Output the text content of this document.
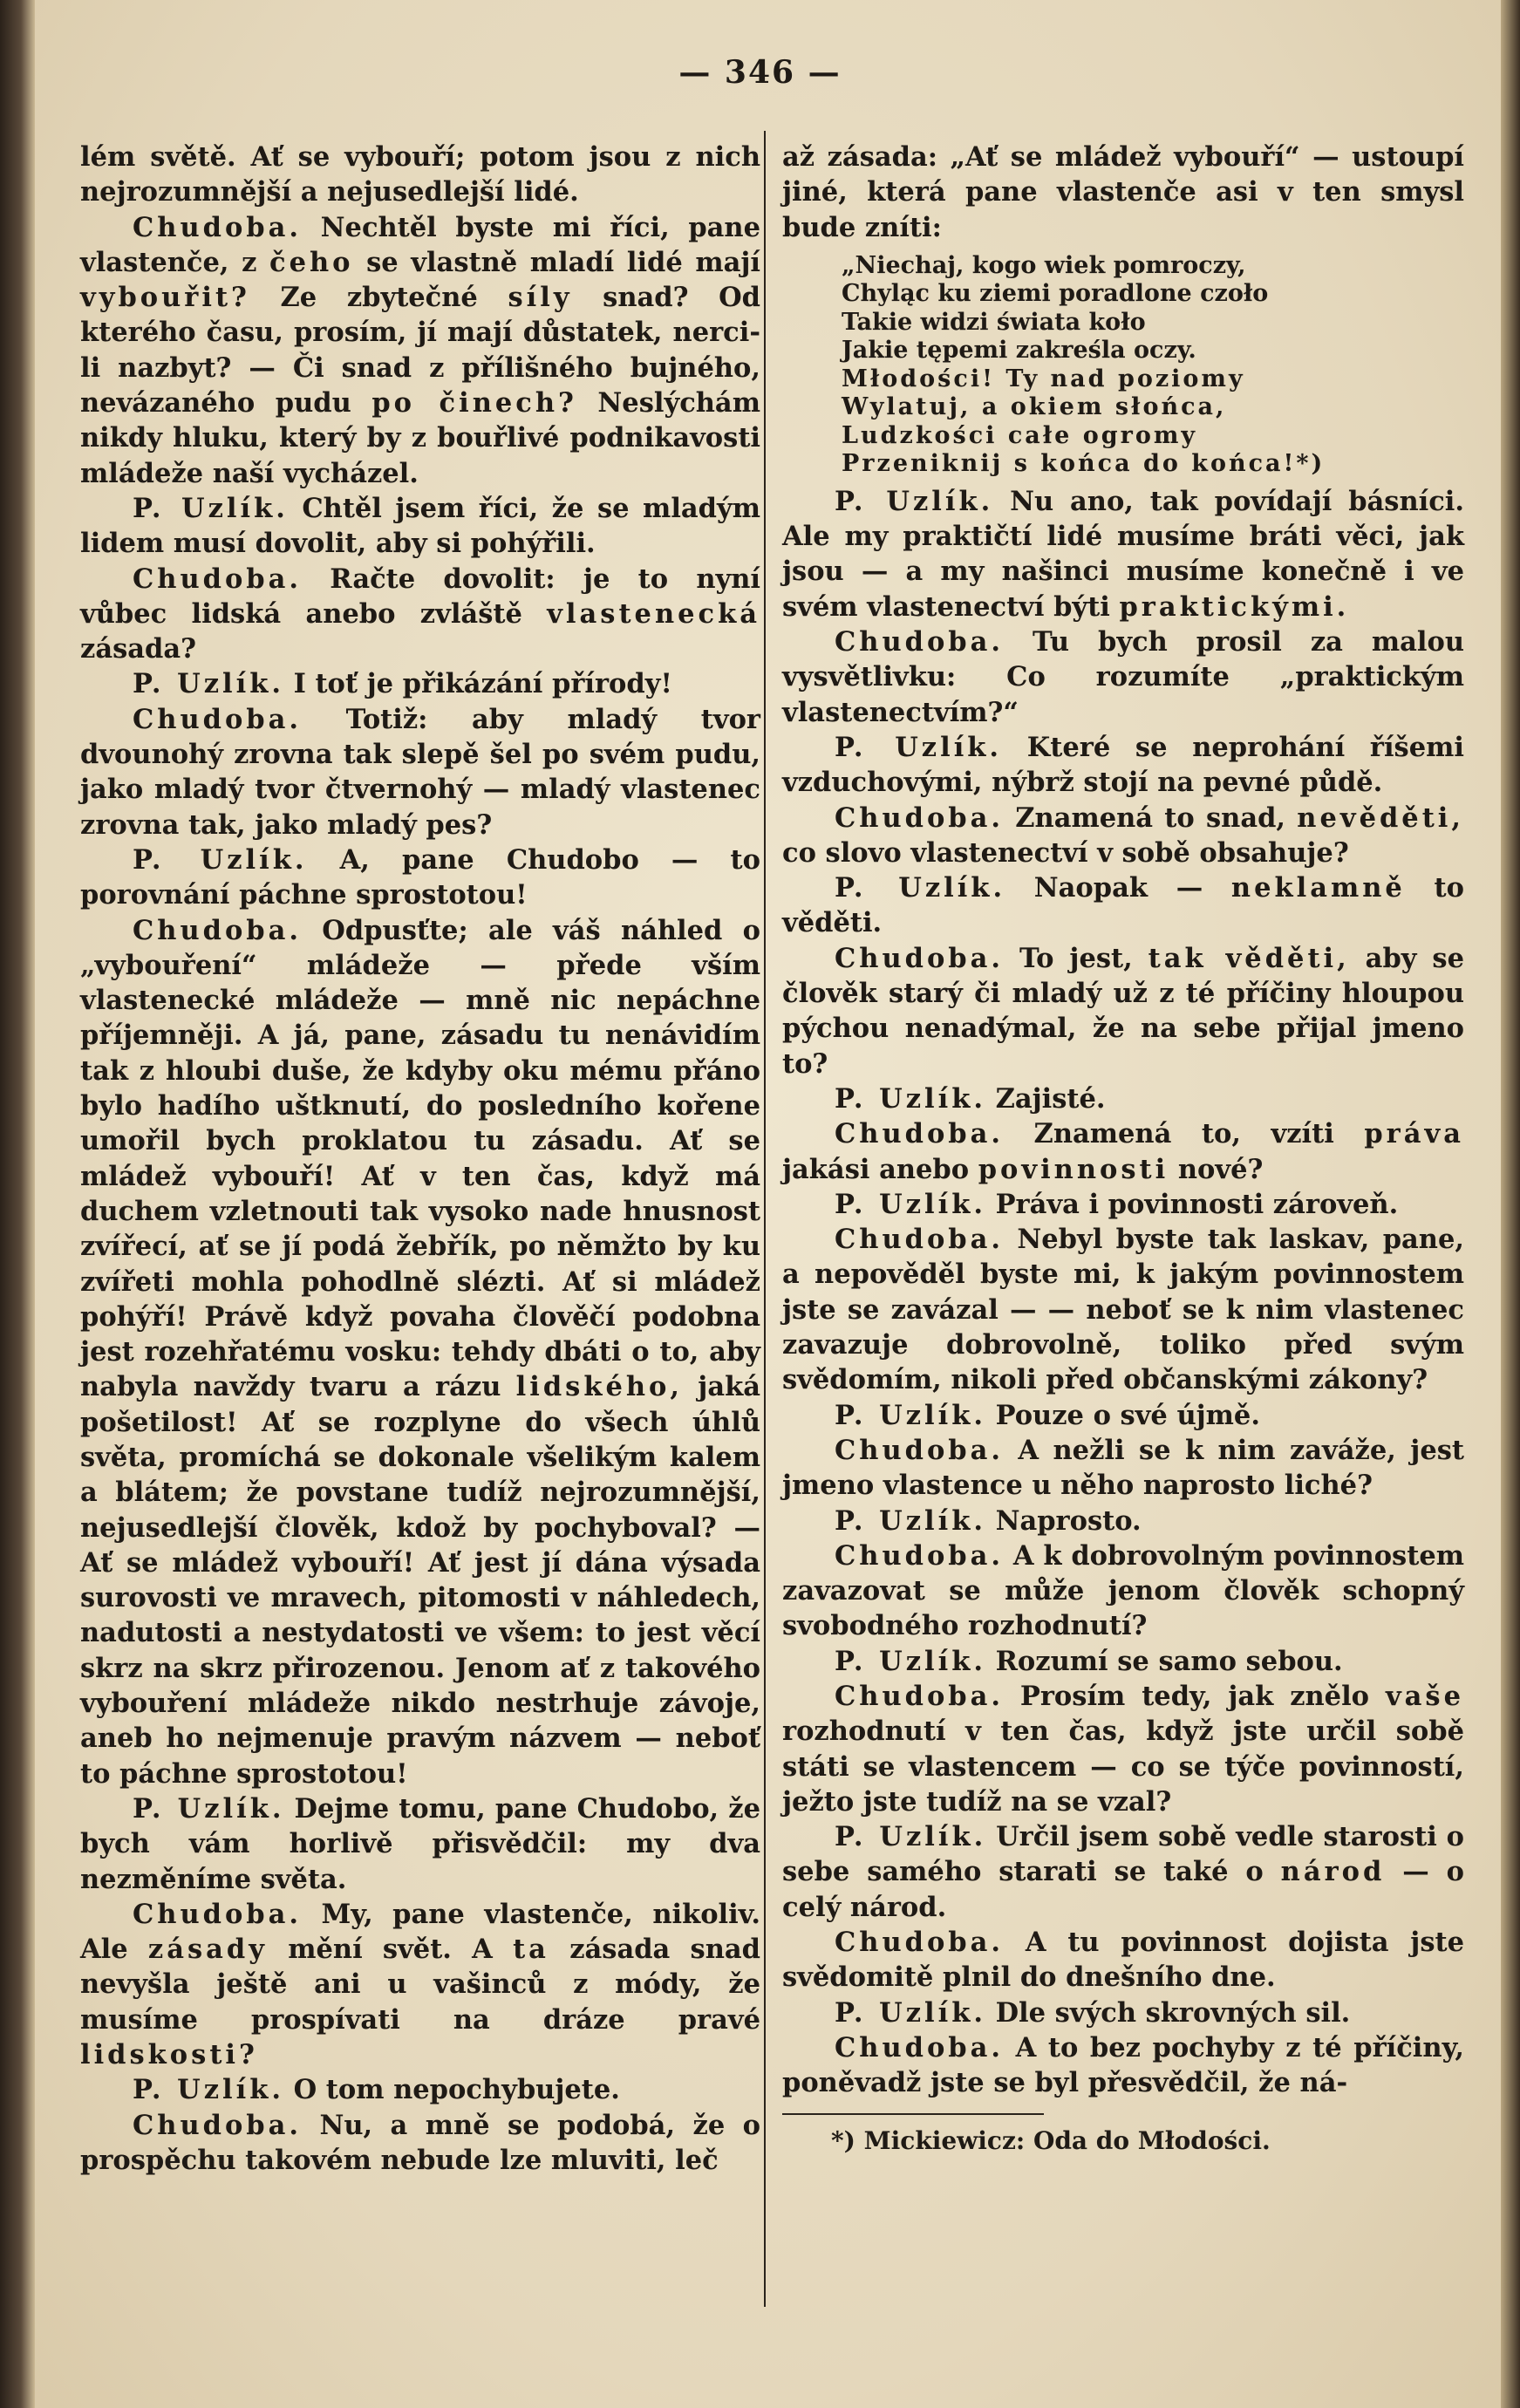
— 346 —

lém světě. Ať se vybouří; potom jsou z nich nejrozumnější a nejusedlejší lidé.

Chudoba. Nechtěl byste mi říci, pane vlastenče, z čeho se vlastně mladí lidé mají vybouřit? Ze zbytečné síly snad? Od kterého času, prosím, jí mají důstatek, nerci-li nazbyt? — Či snad z přílišného bujného, nevázaného pudu po činech? Neslýchám nikdy hluku, který by z bouřlivé podnikavosti mládeže naší vycházel.

P. Uzlík. Chtěl jsem říci, že se mladým lidem musí dovolit, aby si pohýřili.

Chudoba. Račte dovolit: je to nyní vůbec lidská anebo zvláště vlastenecká zásada?

P. Uzlík. I toť je přikázání přírody!

Chudoba. Totiž: aby mladý tvor dvounohý zrovna tak slepě šel po svém pudu, jako mladý tvor čtvernohý — mladý vlastenec zrovna tak, jako mladý pes?

P. Uzlík. A, pane Chudobo — to porovnání páchne sprostotou!

Chudoba. Odpusťte; ale váš náhled o „vybouření“ mládeže — přede vším vlastenecké mládeže — mně nic nepáchne příjemněji. A já, pane, zásadu tu nenávidím tak z hloubi duše, že kdyby oku mému přáno bylo hadího uštknutí, do posledního kořene umořil bych proklatou tu zásadu. Ať se mládež vybouří! Ať v ten čas, když má duchem vzletnouti tak vysoko nade hnusnost zvířecí, ať se jí podá žebřík, po němžto by ku zvířeti mohla pohodlně slézti. Ať si mládež pohýří! Právě když povaha člověčí podobna jest rozehřatému vosku: tehdy dbáti o to, aby nabyla navždy tvaru a rázu lidského, jaká pošetilost! Ať se rozplyne do všech úhlů světa, promíchá se dokonale všelikým kalem a blátem; že povstane tudíž nejrozumnější, nejusedlejší člověk, kdož by pochyboval? — Ať se mládež vybouří! Ať jest jí dána výsada surovosti ve mravech, pitomosti v náhledech, nadutosti a nestydatosti ve všem: to jest věcí skrz na skrz přirozenou. Jenom ať z takového vybouření mládeže nikdo nestrhuje závoje, aneb ho nejmenuje pravým názvem — neboť to páchne sprostotou!

P. Uzlík. Dejme tomu, pane Chudobo, že bych vám horlivě přisvědčil: my dva nezměníme světa.

Chudoba. My, pane vlastenče, nikoliv. Ale zásady mění svět. A ta zásada snad nevyšla ještě ani u vašinců z módy, že musíme prospívati na dráze pravé lidskosti?

P. Uzlík. O tom nepochybujete.

Chudoba. Nu, a mně se podobá, že o prospěchu takovém nebude lze mluviti, leč

až zásada: „Ať se mládež vybouří“ — ustoupí jiné, která pane vlastenče asi v ten smysl bude zníti:

„Niechaj, kogo wiek pomroczy,
Chyląc ku ziemi poradlone czoło
Takie widzi świata koło
Jakie tępemi zakreśla oczy.
Młodości! Ty nad poziomy
Wylatuj, a okiem słońca,
Ludzkości całe ogromy
Przeniknij s końca do końca!*)

P. Uzlík. Nu ano, tak povídají básníci. Ale my praktičtí lidé musíme bráti věci, jak jsou — a my našinci musíme konečně i ve svém vlastenectví býti praktickými.

Chudoba. Tu bych prosil za malou vysvětlivku: Co rozumíte „praktickým vlastenectvím?“

P. Uzlík. Které se neprohání říšemi vzduchovými, nýbrž stojí na pevné půdě.

Chudoba. Znamená to snad, nevěděti, co slovo vlastenectví v sobě obsahuje?

P. Uzlík. Naopak — neklamně to věděti.

Chudoba. To jest, tak věděti, aby se člověk starý či mladý už z té příčiny hloupou pýchou nenadýmal, že na sebe přijal jmeno to?

P. Uzlík. Zajisté.

Chudoba. Znamená to, vzíti práva jakási anebo povinnosti nové?

P. Uzlík. Práva i povinnosti zároveň.

Chudoba. Nebyl byste tak laskav, pane, a nepověděl byste mi, k jakým povinnostem jste se zavázal — — neboť se k nim vlastenec zavazuje dobrovolně, toliko před svým svědomím, nikoli před občanskými zákony?

P. Uzlík. Pouze o své újmě.

Chudoba. A nežli se k nim zaváže, jest jmeno vlastence u něho naprosto liché?

P. Uzlík. Naprosto.

Chudoba. A k dobrovolným povinnostem zavazovat se může jenom člověk schopný svobodného rozhodnutí?

P. Uzlík. Rozumí se samo sebou.

Chudoba. Prosím tedy, jak znělo vaše rozhodnutí v ten čas, když jste určil sobě státi se vlastencem — co se týče povinností, ježto jste tudíž na se vzal?

P. Uzlík. Určil jsem sobě vedle starosti o sebe samého starati se také o národ — o celý národ.

Chudoba. A tu povinnost dojista jste svědomitě plnil do dnešního dne.

P. Uzlík. Dle svých skrovných sil.

Chudoba. A to bez pochyby z té příčiny, poněvadž jste se byl přesvědčil, že ná-

*) Mickiewicz: Oda do Młodości.
